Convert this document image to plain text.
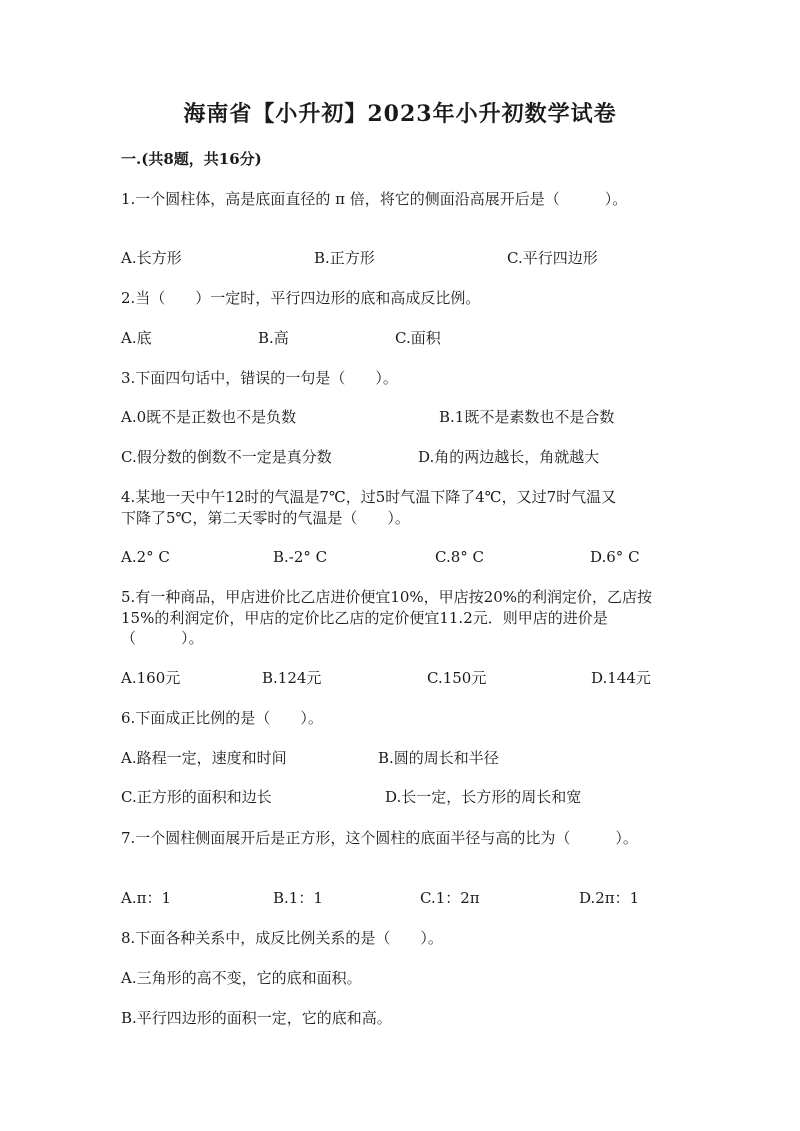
海南省【小升初】2023年小升初数学试卷
一.(共8题，共16分)
1.一个圆柱体，高是底面直径的 π 倍，将它的侧面沿高展开后是（　　　）。
A.长方形	B.正方形	C.平行四边形
2.当（　　）一定时，平行四边形的底和高成反比例。
A.底	B.高	C.面积
3.下面四句话中，错误的一句是（　　）。
A.0既不是正数也不是负数	B.1既不是素数也不是合数
C.假分数的倒数不一定是真分数	D.角的两边越长，角就越大
4.某地一天中午12时的气温是7℃，过5时气温下降了4℃，又过7时气温又
下降了5℃，第二天零时的气温是（　　）。
A.2° C	B.-2° C	C.8° C	D.6° C
5.有一种商品，甲店进价比乙店进价便宜10%，甲店按20%的利润定价，乙店按
15%的利润定价，甲店的定价比乙店的定价便宜11.2元．则甲店的进价是
（　　　）。
A.160元	B.124元	C.150元	D.144元
6.下面成正比例的是（　　）。
A.路程一定，速度和时间	B.圆的周长和半径
C.正方形的面积和边长	D.长一定，长方形的周长和宽
7.一个圆柱侧面展开后是正方形，这个圆柱的底面半径与高的比为（　　　）。
A.π：1	B.1：1	C.1：2π	D.2π：1
8.下面各种关系中，成反比例关系的是（　　）。
A.三角形的高不变，它的底和面积。
B.平行四边形的面积一定，它的底和高。
